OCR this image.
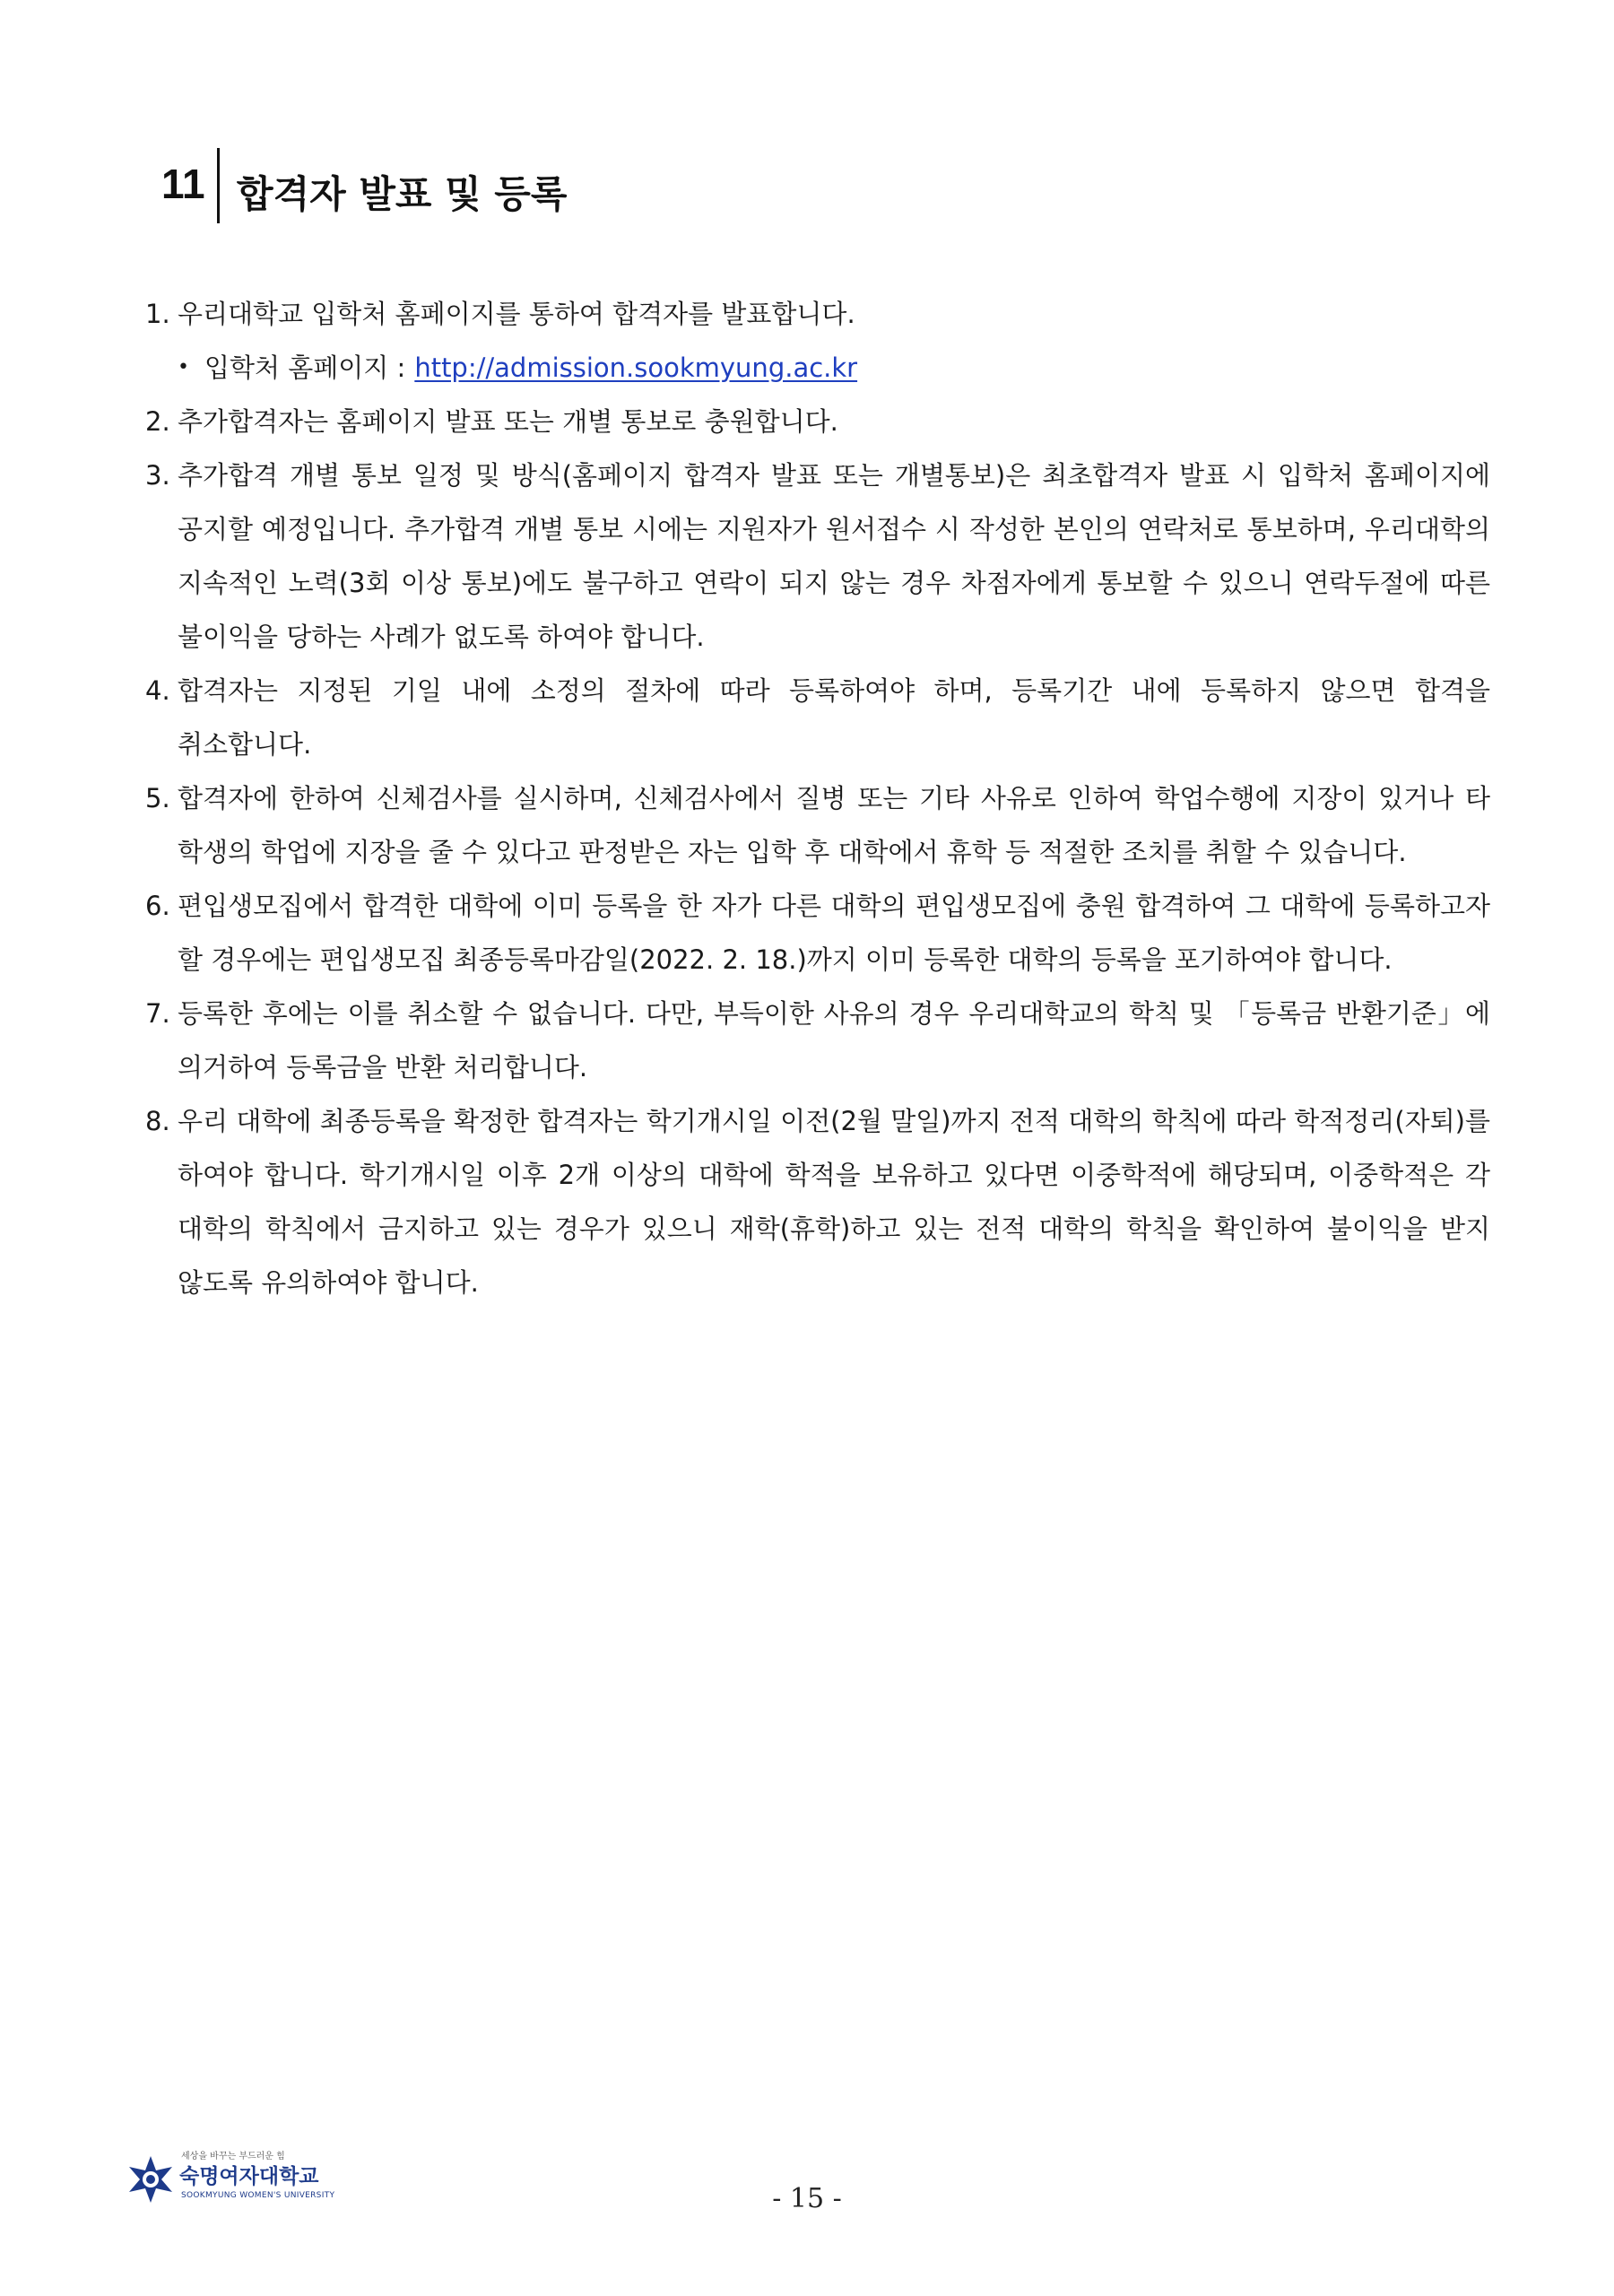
11 합격자 발표 및 등록
1. 우리대학교 입학처 홈페이지를 통하여 합격자를 발표합니다.
• 입학처 홈페이지 : http://admission.sookmyung.ac.kr
2. 추가합격자는 홈페이지 발표 또는 개별 통보로 충원합니다.
3. 추가합격 개별 통보 일정 및 방식(홈페이지 합격자 발표 또는 개별통보)은 최초합격자 발표 시 입학처 홈페이지에 공지할 예정입니다. 추가합격 개별 통보 시에는 지원자가 원서접수 시 작성한 본인의 연락처로 통보하며, 우리대학의 지속적인 노력(3회 이상 통보)에도 불구하고 연락이 되지 않는 경우 차점자에게 통보할 수 있으니 연락두절에 따른 불이익을 당하는 사례가 없도록 하여야 합니다.
4. 합격자는 지정된 기일 내에 소정의 절차에 따라 등록하여야 하며, 등록기간 내에 등록하지 않으면 합격을 취소합니다.
5. 합격자에 한하여 신체검사를 실시하며, 신체검사에서 질병 또는 기타 사유로 인하여 학업수행에 지장이 있거나 타 학생의 학업에 지장을 줄 수 있다고 판정받은 자는 입학 후 대학에서 휴학 등 적절한 조치를 취할 수 있습니다.
6. 편입생모집에서 합격한 대학에 이미 등록을 한 자가 다른 대학의 편입생모집에 충원 합격하여 그 대학에 등록하고자 할 경우에는 편입생모집 최종등록마감일(2022. 2. 18.)까지 이미 등록한 대학의 등록을 포기하여야 합니다.
7. 등록한 후에는 이를 취소할 수 없습니다. 다만, 부득이한 사유의 경우 우리대학교의 학칙 및 「등록금 반환기준」에 의거하여 등록금을 반환 처리합니다.
8. 우리 대학에 최종등록을 확정한 합격자는 학기개시일 이전(2월 말일)까지 전적 대학의 학칙에 따라 학적정리(자퇴)를 하여야 합니다. 학기개시일 이후 2개 이상의 대학에 학적을 보유하고 있다면 이중학적에 해당되며, 이중학적은 각 대학의 학칙에서 금지하고 있는 경우가 있으니 재학(휴학)하고 있는 전적 대학의 학칙을 확인하여 불이익을 받지 않도록 유의하여야 합니다.
세상을 바꾸는 부드러운 힘
숙명여자대학교
SOOKMYUNG WOMEN'S UNIVERSITY	- 15 -
